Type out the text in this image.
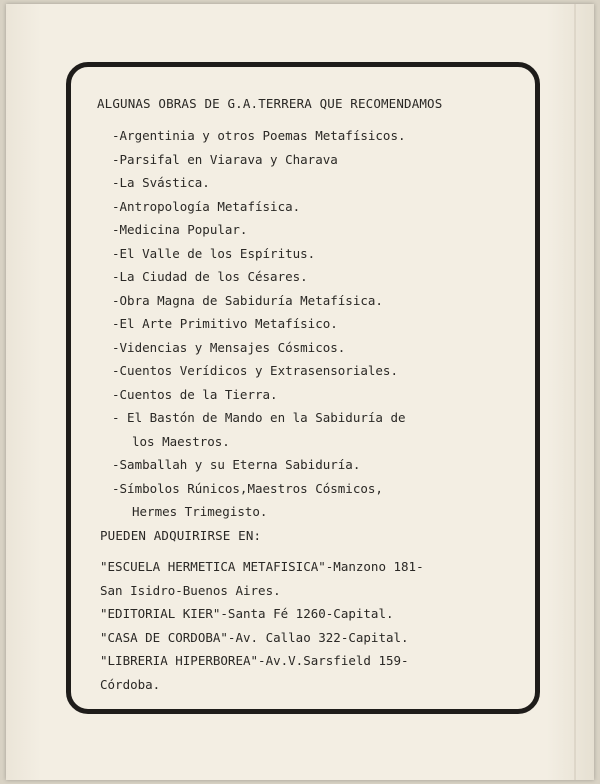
ALGUNAS OBRAS DE G.A.TERRERA QUE RECOMENDAMOS
-Argentinia y otros Poemas Metafísicos.
-Parsifal en Viarava y Charava
-La Svástica.
-Antropología Metafísica.
-Medicina Popular.
-El Valle de los Espíritus.
-La Ciudad de los Césares.
-Obra Magna de Sabiduría Metafísica.
-El Arte Primitivo Metafísico.
-Videncias y Mensajes Cósmicos.
-Cuentos Verídicos y Extrasensoriales.
-Cuentos de la Tierra.
- El Bastón de Mando en la Sabiduría de
los Maestros.
-Samballah y su Eterna Sabiduría.
-Símbolos Rúnicos,Maestros Cósmicos,
Hermes Trimegisto.
PUEDEN ADQUIRIRSE EN:
"ESCUELA HERMETICA METAFISICA"-Manzono 181-
San Isidro-Buenos Aires.
"EDITORIAL KIER"-Santa Fé 1260-Capital.
"CASA DE CORDOBA"-Av. Callao 322-Capital.
"LIBRERIA HIPERBOREA"-Av.V.Sarsfield 159-
Córdoba.
